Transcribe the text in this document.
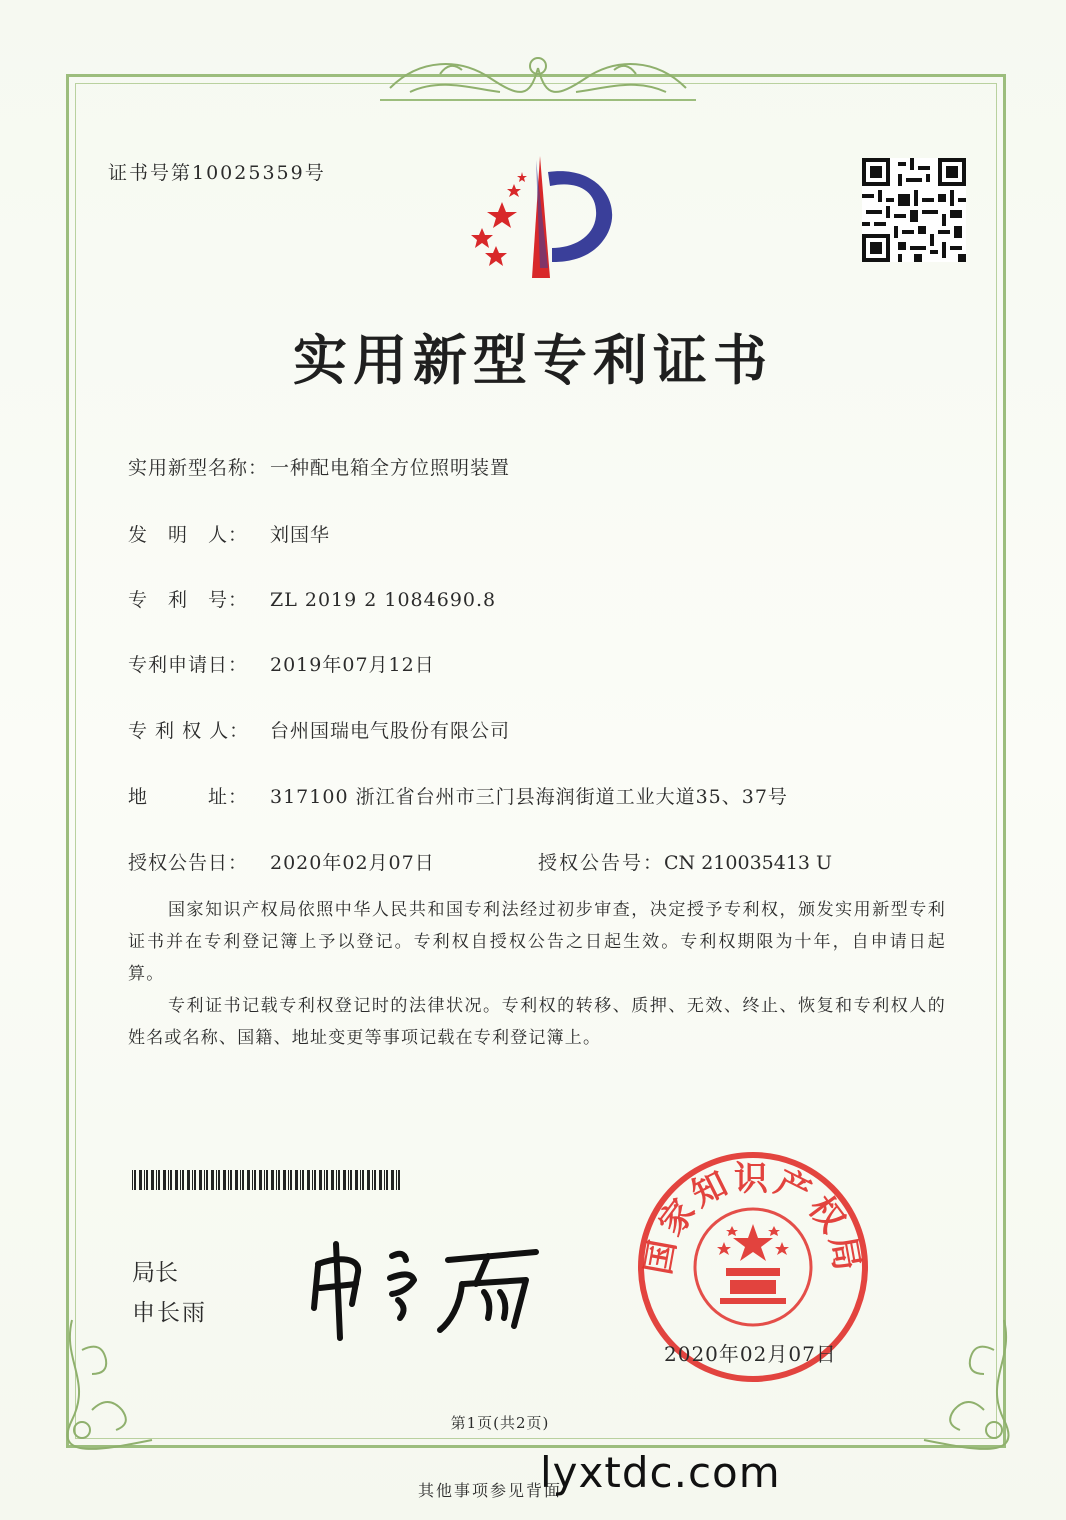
证书号第10025359号
实用新型专利证书
实用新型名称： 一种配电箱全方位照明装置
发　明　人： 刘国华
专　利　号： ZL 2019 2 1084690.8
专利申请日： 2019年07月12日
专 利 权 人： 台州国瑞电气股份有限公司
地　　　址： 317100 浙江省台州市三门县海润街道工业大道35、37号
授权公告日： 2020年02月07日	授权公告号：CN 210035413 U
国家知识产权局依照中华人民共和国专利法经过初步审查，决定授予专利权，颁发实用新型专利证书并在专利登记簿上予以登记。专利权自授权公告之日起生效。专利权期限为十年，自申请日起算。
专利证书记载专利权登记时的法律状况。专利权的转移、质押、无效、终止、恢复和专利权人的姓名或名称、国籍、地址变更等事项记载在专利登记簿上。
局长
申长雨
国家知识产权局
2020年02月07日
第1页(共2页)
其他事项参见背面
lyxtdc.com
